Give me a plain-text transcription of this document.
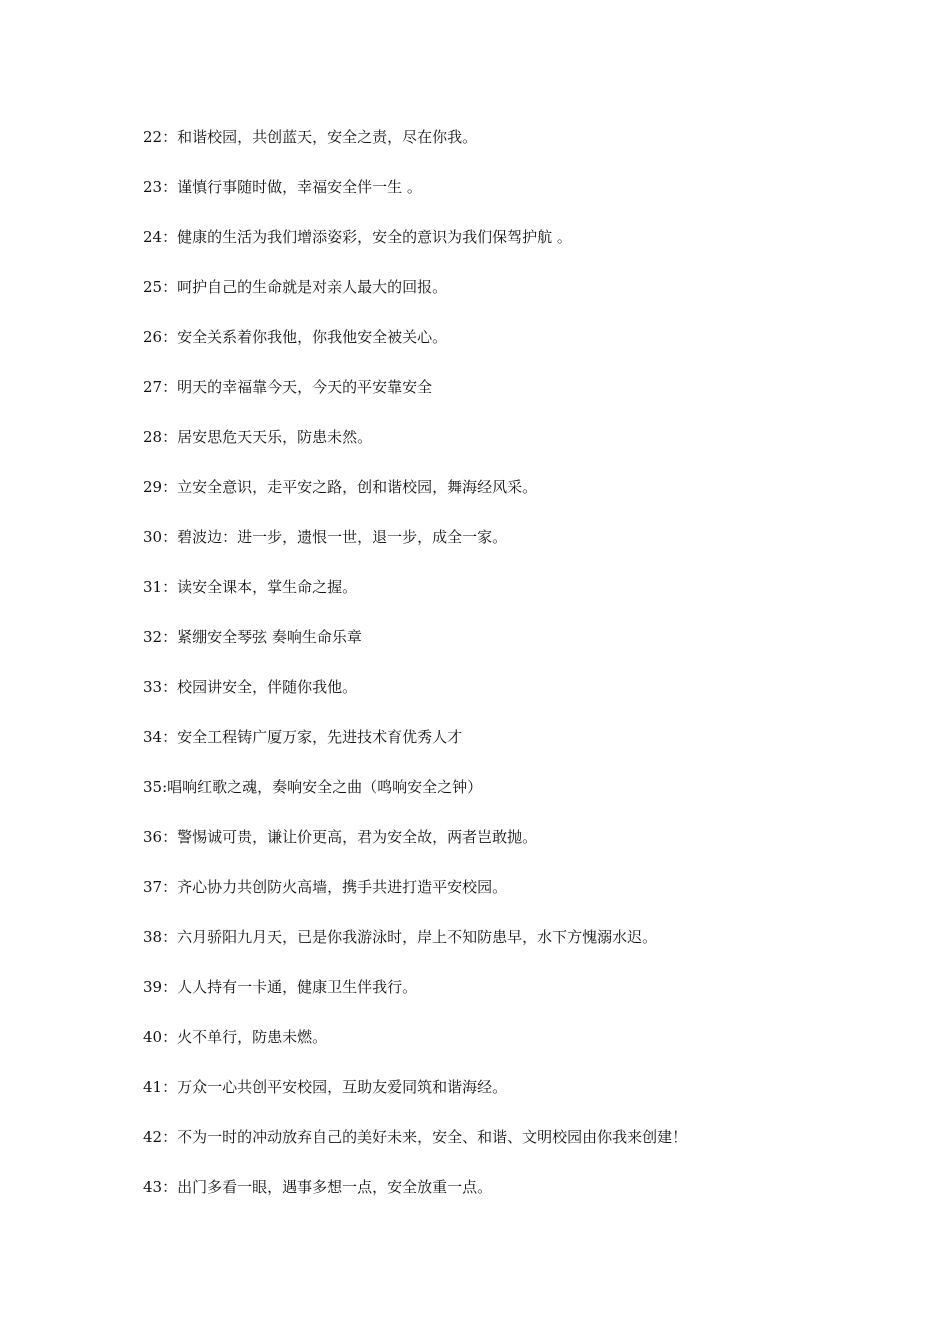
22：和谐校园，共创蓝天，安全之责，尽在你我。
23：谨慎行事随时做，幸福安全伴一生 。
24：健康的生活为我们增添姿彩，安全的意识为我们保驾护航 。
25：呵护自己的生命就是对亲人最大的回报。
26：安全关系着你我他，你我他安全被关心。
27：明天的幸福靠今天，今天的平安靠安全
28：居安思危天天乐，防患未然。
29：立安全意识，走平安之路，创和谐校园，舞海经风采。
30：碧波边：进一步，遗恨一世，退一步，成全一家。
31：读安全课本，掌生命之握。
32：紧绷安全琴弦 奏响生命乐章
33：校园讲安全，伴随你我他。
34：安全工程铸广厦万家，先进技术育优秀人才
35:唱响红歌之魂，奏响安全之曲（鸣响安全之钟）
36：警惕诚可贵，谦让价更高，君为安全故，两者岂敢抛。
37：齐心协力共创防火高墙，携手共进打造平安校园。
38：六月骄阳九月天，已是你我游泳时，岸上不知防患早，水下方愧溺水迟。
39：人人持有一卡通，健康卫生伴我行。
40：火不单行，防患未燃。
41：万众一心共创平安校园，互助友爱同筑和谐海经。
42：不为一时的冲动放弃自己的美好未来，安全、和谐、文明校园由你我来创建！
43：出门多看一眼，遇事多想一点，安全放重一点。
